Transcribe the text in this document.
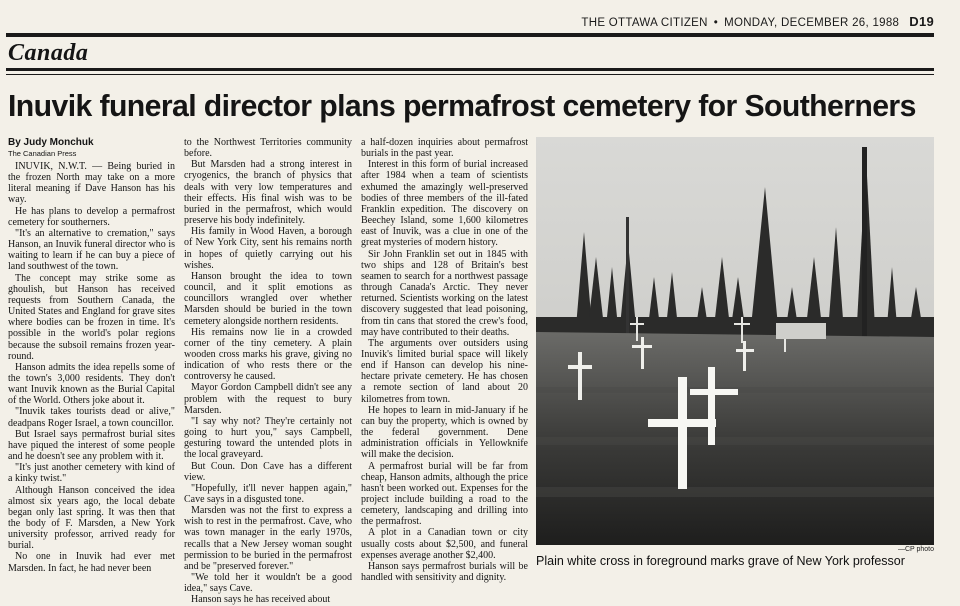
THE OTTAWA CITIZEN • MONDAY, DECEMBER 26, 1988 D19
Canada
Inuvik funeral director plans permafrost cemetery for Southerners
By Judy Monchuk
The Canadian Press

INUVIK, N.W.T. — Being buried in the frozen North may take on a more literal meaning if Dave Hanson has his way.

He has plans to develop a permafrost cemetery for southerners.

"It's an alternative to cremation," says Hanson, an Inuvik funeral director who is waiting to learn if he can buy a piece of land southwest of the town.

The concept may strike some as ghoulish, but Hanson has received requests from Southern Canada, the United States and England for grave sites where bodies can be frozen in time. It's possible in the world's polar regions because the subsoil remains frozen year-round.

Hanson admits the idea repells some of the town's 3,000 residents. They don't want Inuvik known as the Burial Capital of the World. Others joke about it.

"Inuvik takes tourists dead or alive," deadpans Roger Israel, a town councillor.

But Israel says permafrost burial sites have piqued the interest of some people and he doesn't see any problem with it.

"It's just another cemetery with kind of a kinky twist."

Although Hanson conceived the idea almost six years ago, the local debate began only last spring. It was then that the body of F. Marsden, a New York university professor, arrived ready for burial.

No one in Inuvik had ever met Marsden. In fact, he had never been

to the Northwest Territories community before.

But Marsden had a strong interest in cryogenics, the branch of physics that deals with very low temperatures and their effects. His final wish was to be buried in the permafrost, which would preserve his body indefinitely.

His family in Wood Haven, a borough of New York City, sent his remains north in hopes of quietly carrying out his wishes.

Hanson brought the idea to town council, and it split emotions as councillors wrangled over whether Marsden should be buried in the town cemetery alongside northern residents.

His remains now lie in a crowded corner of the tiny cemetery. A plain wooden cross marks his grave, giving no indication of who rests there or the controversy he caused.

Mayor Gordon Campbell didn't see any problem with the request to bury Marsden.

"I say why not? They're certainly not going to hurt you," says Campbell, gesturing toward the untended plots in the local graveyard.

But Coun. Don Cave has a different view.

"Hopefully, it'll never happen again," Cave says in a disgusted tone.

Marsden was not the first to express a wish to rest in the permafrost. Cave, who was town manager in the early 1970s, recalls that a New Jersey woman sought permission to be buried in the permafrost and be "preserved forever."

"We told her it wouldn't be a good idea," says Cave.

Hanson says he has received about

a half-dozen inquiries about permafrost burials in the past year.

Interest in this form of burial increased after 1984 when a team of scientists exhumed the amazingly well-preserved bodies of three members of the ill-fated Franklin expedition. The discovery on Beechey Island, some 1,600 kilometres east of Inuvik, was a clue in one of the great mysteries of modern history.

Sir John Franklin set out in 1845 with two ships and 128 of Britain's best seamen to search for a northwest passage through Canada's Arctic. They never returned. Scientists working on the latest discovery suggested that lead poisoning, from tin cans that stored the crew's food, may have contributed to their deaths.

The arguments over outsiders using Inuvik's limited burial space will likely end if Hanson can develop his nine-hectare private cemetery. He has chosen a remote section of land about 20 kilometres from town.

He hopes to learn in mid-January if he can buy the property, which is owned by the federal government. Dene administration officials in Yellowknife will make the decision.

A permafrost burial will be far from cheap, Hanson admits, although the price hasn't been worked out. Expenses for the project include building a road to the cemetery, landscaping and drilling into the permafrost.

A plot in a Canadian town or city usually costs about $2,500, and funeral expenses average another $2,400.

Hanson says permafrost burials will be handled with sensitivity and dignity.

—CP photo
Plain white cross in foreground marks grave of New York professor
